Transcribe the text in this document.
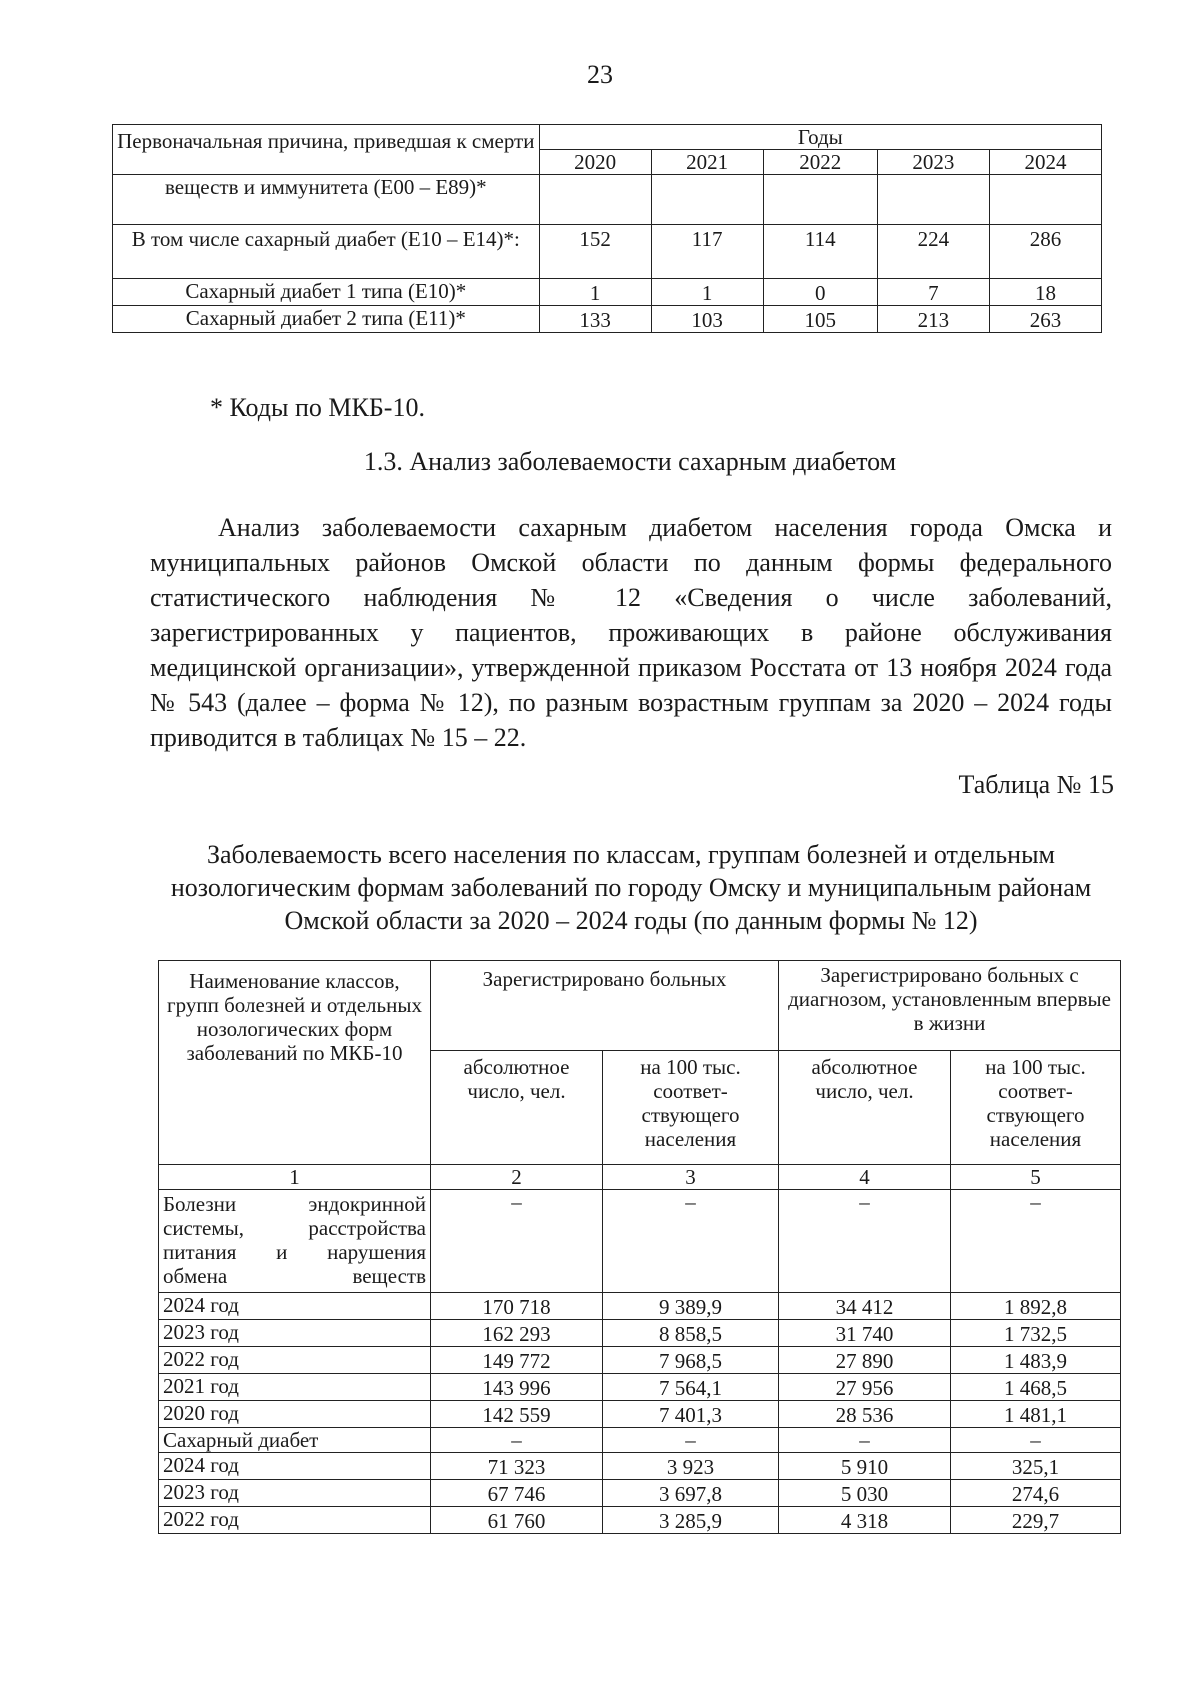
23
Первоначальная причина, приведшая к смерти	Годы				
	2020	2021	2022	2023	2024
веществ и иммунитета (Е00 – Е89)*					
В том числе сахарный диабет (Е10 – Е14)*:	152	117	114	224	286
Сахарный диабет 1 типа (Е10)*	1	1	0	7	18
Сахарный диабет 2 типа (Е11)*	133	103	105	213	263
* Коды по МКБ-10.
1.3. Анализ заболеваемости сахарным диабетом

Анализ заболеваемости сахарным диабетом населения города Омска и муниципальных районов Омской области по данным формы федерального статистического наблюдения № 12 «Сведения о числе заболеваний, зарегистрированных у пациентов, проживающих в районе обслуживания медицинской организации», утвержденной приказом Росстата от 13 ноября 2024 года № 543 (далее – форма № 12), по разным возрастным группам за 2020 – 2024 годы приводится в таблицах № 15 – 22.

Таблица № 15
Заболеваемость всего населения по классам, группам болезней и отдельным нозологическим формам заболеваний по городу Омску и муниципальным районам Омской области за 2020 – 2024 годы (по данным формы № 12)
Наименование классов, групп болезней и отдельных нозологических форм заболеваний по МКБ-10	Зарегистрировано больных		Зарегистрировано больных с диагнозом, установленным впервые в жизни	
	абсолютное число, чел.	на 100 тыс. соответ- ствующего населения	абсолютное число, чел.	на 100 тыс. соответ- ствующего населения
1	2	3	4	5
Болезни эндокринной системы, расстройства питания и нарушения обмена веществ	–	–	–	–
2024 год	170 718	9 389,9	34 412	1 892,8
2023 год	162 293	8 858,5	31 740	1 732,5
2022 год	149 772	7 968,5	27 890	1 483,9
2021 год	143 996	7 564,1	27 956	1 468,5
2020 год	142 559	7 401,3	28 536	1 481,1
Сахарный диабет	–	–	–	–
2024 год	71 323	3 923	5 910	325,1
2023 год	67 746	3 697,8	5 030	274,6
2022 год	61 760	3 285,9	4 318	229,7
